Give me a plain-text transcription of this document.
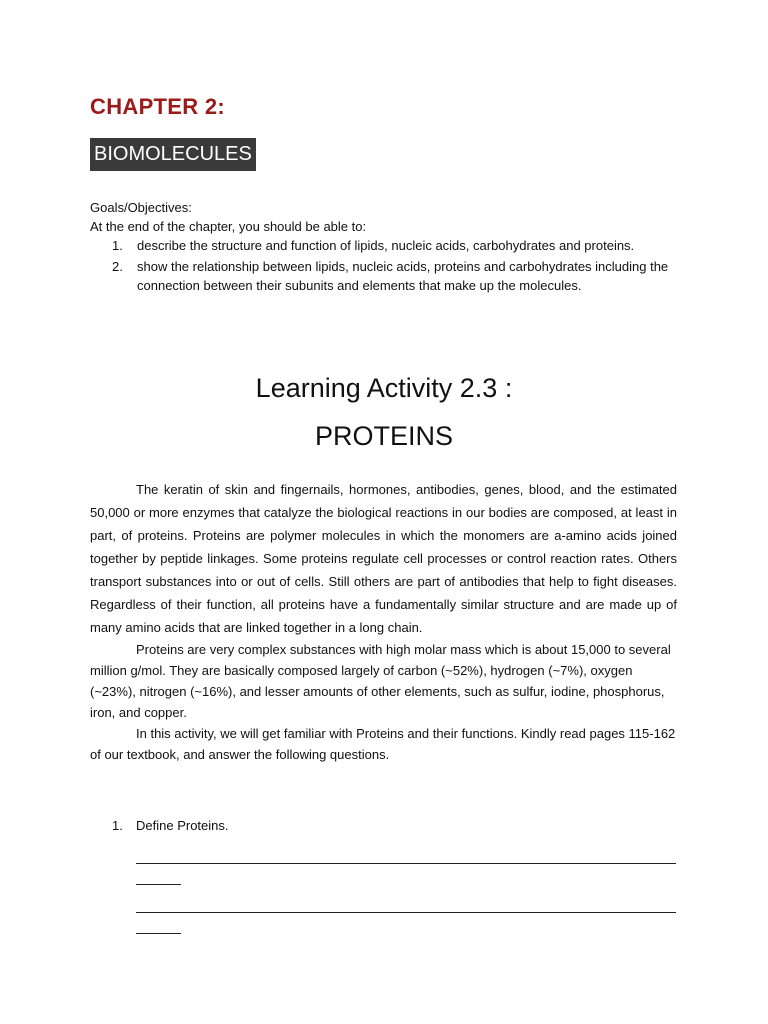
CHAPTER 2:
BIOMOLECULES

Goals/Objectives:

At the end of the chapter, you should be able to:

1. describe the structure and function of lipids, nucleic acids, carbohydrates and proteins.
2. show the relationship between lipids, nucleic acids, proteins and carbohydrates including the connection between their subunits and elements that make up the molecules.
Learning Activity 2.3 :
PROTEINS

The keratin of skin and fingernails, hormones, antibodies, genes, blood, and the estimated 50,000 or more enzymes that catalyze the biological reactions in our bodies are composed, at least in part, of proteins. Proteins are polymer molecules in which the monomers are a-amino acids joined together by peptide linkages. Some proteins regulate cell processes or control reaction rates. Others transport substances into or out of cells. Still others are part of antibodies that help to fight diseases. Regardless of their function, all proteins have a fundamentally similar structure and are made up of many amino acids that are linked together in a long chain.

Proteins are very complex substances with high molar mass which is about 15,000 to several million g/mol. They are basically composed largely of carbon (~52%), hydrogen (~7%), oxygen (~23%), nitrogen (~16%), and lesser amounts of other elements, such as sulfur, iodine, phosphorus, iron, and copper.

In this activity, we will get familiar with Proteins and their functions. Kindly read pages 115-162 of our textbook, and answer the following questions.

1. Define Proteins.
